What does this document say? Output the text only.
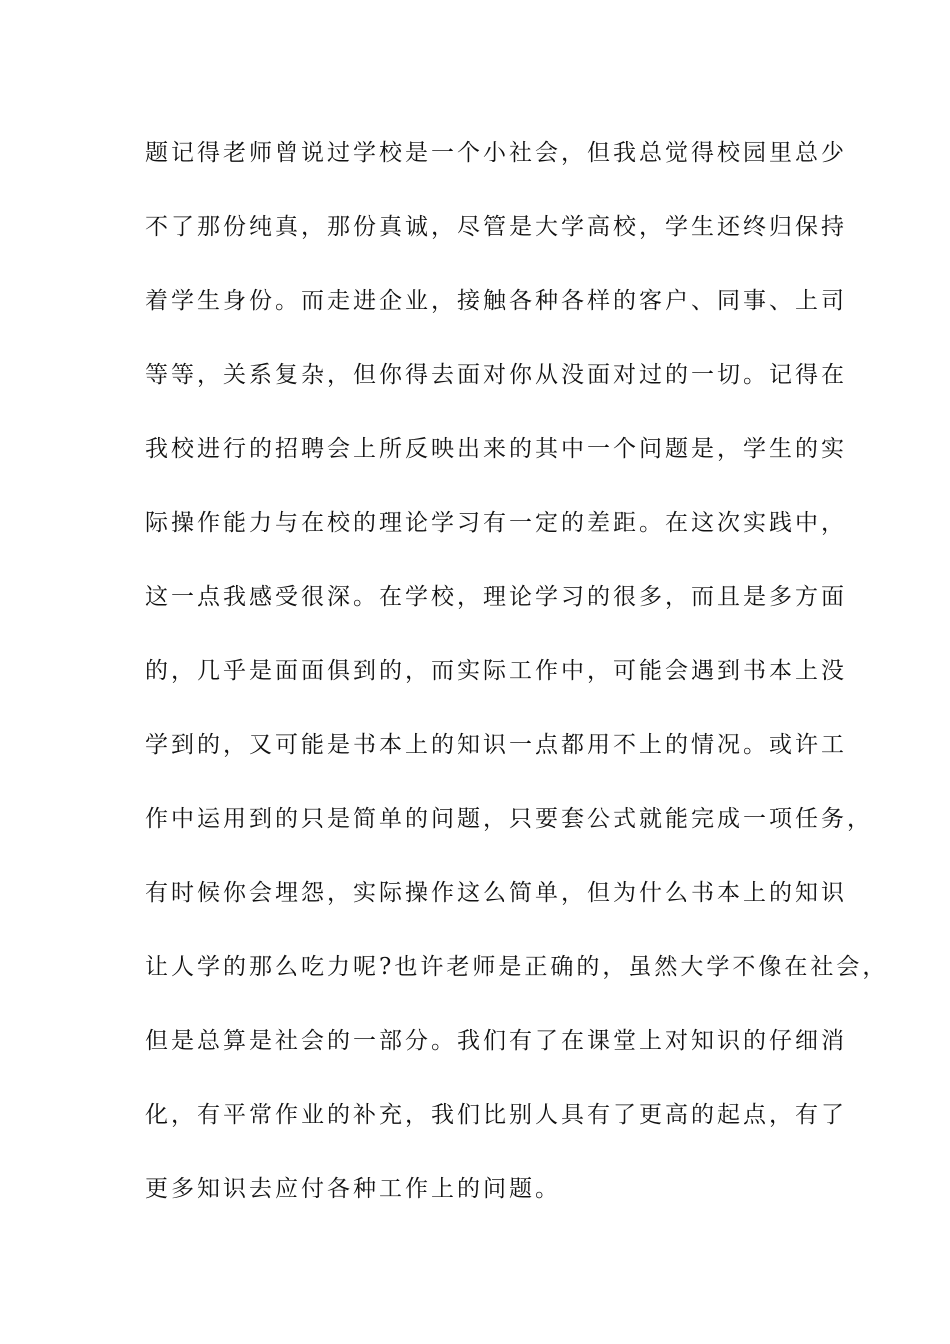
题记得老师曾说过学校是一个小社会，但我总觉得校园里总少
不了那份纯真，那份真诚，尽管是大学高校，学生还终归保持
着学生身份。而走进企业，接触各种各样的客户、同事、上司
等等，关系复杂，但你得去面对你从没面对过的一切。记得在
我校进行的招聘会上所反映出来的其中一个问题是，学生的实
际操作能力与在校的理论学习有一定的差距。在这次实践中，
这一点我感受很深。在学校，理论学习的很多，而且是多方面
的，几乎是面面俱到的，而实际工作中，可能会遇到书本上没
学到的，又可能是书本上的知识一点都用不上的情况。或许工
作中运用到的只是简单的问题，只要套公式就能完成一项任务，
有时候你会埋怨，实际操作这么简单，但为什么书本上的知识
让人学的那么吃力呢?也许老师是正确的，虽然大学不像在社会，
但是总算是社会的一部分。我们有了在课堂上对知识的仔细消
化，有平常作业的补充，我们比别人具有了更高的起点，有了
更多知识去应付各种工作上的问题。
